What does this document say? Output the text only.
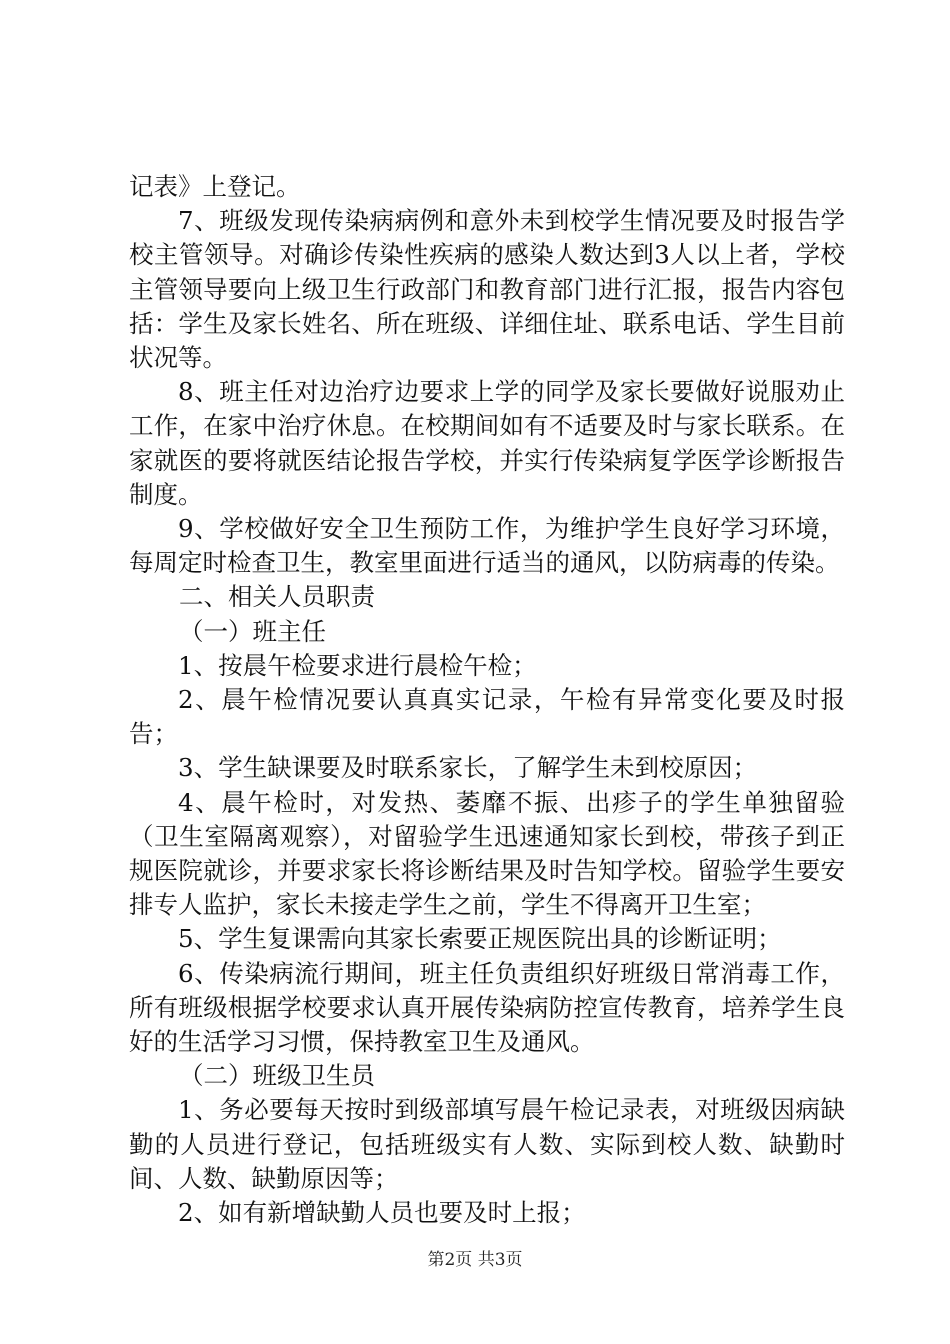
记表》上登记。

7、班级发现传染病病例和意外未到校学生情况要及时报告学校主管领导。对确诊传染性疾病的感染人数达到3人以上者，学校主管领导要向上级卫生行政部门和教育部门进行汇报，报告内容包括：学生及家长姓名、所在班级、详细住址、联系电话、学生目前状况等。

8、班主任对边治疗边要求上学的同学及家长要做好说服劝止工作，在家中治疗休息。在校期间如有不适要及时与家长联系。在家就医的要将就医结论报告学校，并实行传染病复学医学诊断报告制度。

9、学校做好安全卫生预防工作，为维护学生良好学习环境，每周定时检查卫生，教室里面进行适当的通风，以防病毒的传染。

二、相关人员职责

（一）班主任

1、按晨午检要求进行晨检午检；

2、晨午检情况要认真真实记录，午检有异常变化要及时报告；

3、学生缺课要及时联系家长，了解学生未到校原因；

4、晨午检时，对发热、萎靡不振、出疹子的学生单独留验（卫生室隔离观察），对留验学生迅速通知家长到校，带孩子到正规医院就诊，并要求家长将诊断结果及时告知学校。留验学生要安排专人监护，家长未接走学生之前，学生不得离开卫生室；

5、学生复课需向其家长索要正规医院出具的诊断证明；

6、传染病流行期间，班主任负责组织好班级日常消毒工作，所有班级根据学校要求认真开展传染病防控宣传教育，培养学生良好的生活学习习惯，保持教室卫生及通风。

（二）班级卫生员

1、务必要每天按时到级部填写晨午检记录表，对班级因病缺勤的人员进行登记，包括班级实有人数、实际到校人数、缺勤时间、人数、缺勤原因等；

2、如有新增缺勤人员也要及时上报；

第2页 共3页
